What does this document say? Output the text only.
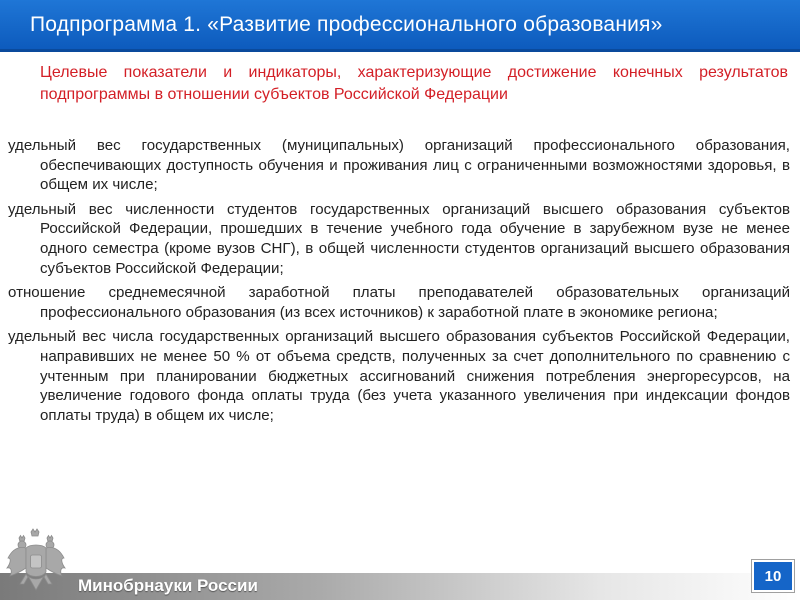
Подпрограмма 1. «Развитие профессионального образования»
Целевые показатели и индикаторы, характеризующие достижение конечных результатов подпрограммы в отношении субъектов Российской Федерации
удельный вес государственных (муниципальных) организаций профессионального образования, обеспечивающих доступность обучения и проживания лиц с ограниченными возможностями здоровья, в общем их числе;
удельный вес численности студентов государственных организаций высшего образования субъектов Российской Федерации, прошедших в течение учебного года обучение в зарубежном вузе не менее одного семестра (кроме вузов СНГ), в общей численности студентов организаций высшего образования субъектов Российской Федерации;
отношение среднемесячной заработной платы преподавателей образовательных организаций профессионального образования (из всех источников) к заработной плате в экономике региона;
удельный вес числа государственных организаций высшего образования субъектов Российской Федерации, направивших не менее 50 % от объема средств, полученных за счет дополнительного по сравнению с учтенным при планировании бюджетных ассигнований снижения потребления энергоресурсов, на увеличение годового фонда оплаты труда (без учета указанного увеличения при индексации фондов оплаты труда) в общем их числе;
Минобрнауки России	10
